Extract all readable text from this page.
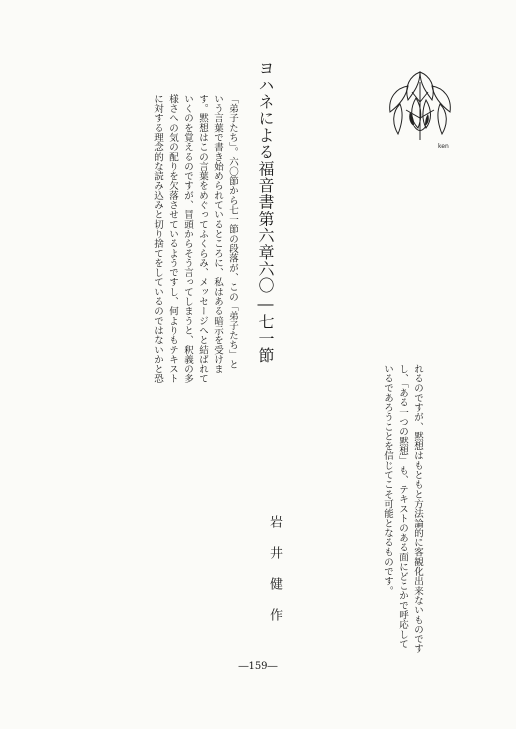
ken
ヨハネによる福音書第六章六〇―七一節
岩井健作
「弟子たち」。六〇節から七一節の段落が、この「弟子たち」と
いう言葉で書き始められているところに、私はある暗示を受けま
す。黙想はこの言葉をめぐってふくらみ、メッセージへと結ばれて
いくのを覚えるのですが、冒頭からそう言ってしまうと、釈義の多
様さへの気の配りを欠落させているようですし、何よりもテキスト
に対する理念的な読み込みと切り捨てをしているのではないかと恐
れるのですが、黙想はもともと方法論的に客観化出来ないものです
し、「ある一つの黙想」も、テキストのある面にどこかで呼応して
いるであろうことを信じてこそ可能となるものです。
―159―
